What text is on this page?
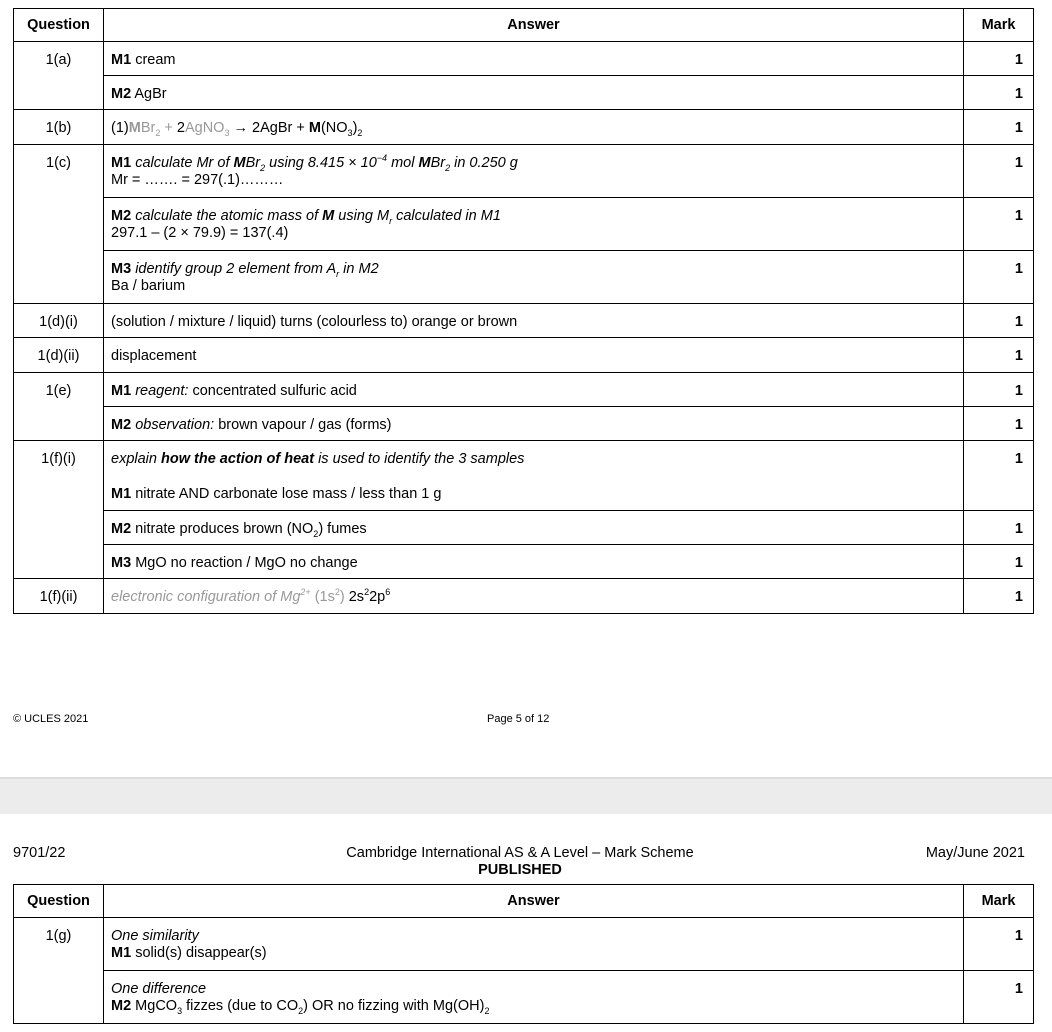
Question	Answer	Mark
1(a)	M1 cream	1
	M2 AgBr	1
1(b)	(1)MBr$_2$ + 2AgNO$_3$ → 2AgBr + $M(NO_3)_2$	1
1(c)	M1 calculate Mr of MBr$_2$ using $8.415 \times 10^{-4}$ mol MBr$_2$ in 0.250 g
Mr = ……. = 297(.1)………	1
	M2 calculate the atomic mass of M using $M_r$ calculated in M1
297.1 – (2 × 79.9) = 137(.4)	1
	M3 identify group 2 element from $A_r$ in M2
Ba / barium	1
1(d)(i)	(solution / mixture / liquid) turns (colourless to) orange or brown	1
1(d)(ii)	displacement	1
1(e)	M1 reagent: concentrated sulfuric acid	1
	M2 observation: brown vapour / gas (forms)	1
1(f)(i)	explain how the action of heat is used to identify the 3 samples
M1 nitrate AND carbonate lose mass / less than 1 g	1
	M2 nitrate produces brown $(NO_2)$ fumes	1
	M3 MgO no reaction / MgO no change	1
1(f)(ii)	electronic configuration of $Mg^{2+}$ $(1s^2)$ $2s^22p^6$	1
© UCLES 2021	Page 5 of 12
9701/22	Cambridge International AS & A Level – Mark Scheme
PUBLISHED
May/June 2021
Question	Answer	Mark
1(g)	One similarity
M1 solid(s) disappear(s)	1
	One difference
M2 MgCO$_3$ fizzes (due to $CO_2$) OR no fizzing with $Mg(OH)_2$	1
